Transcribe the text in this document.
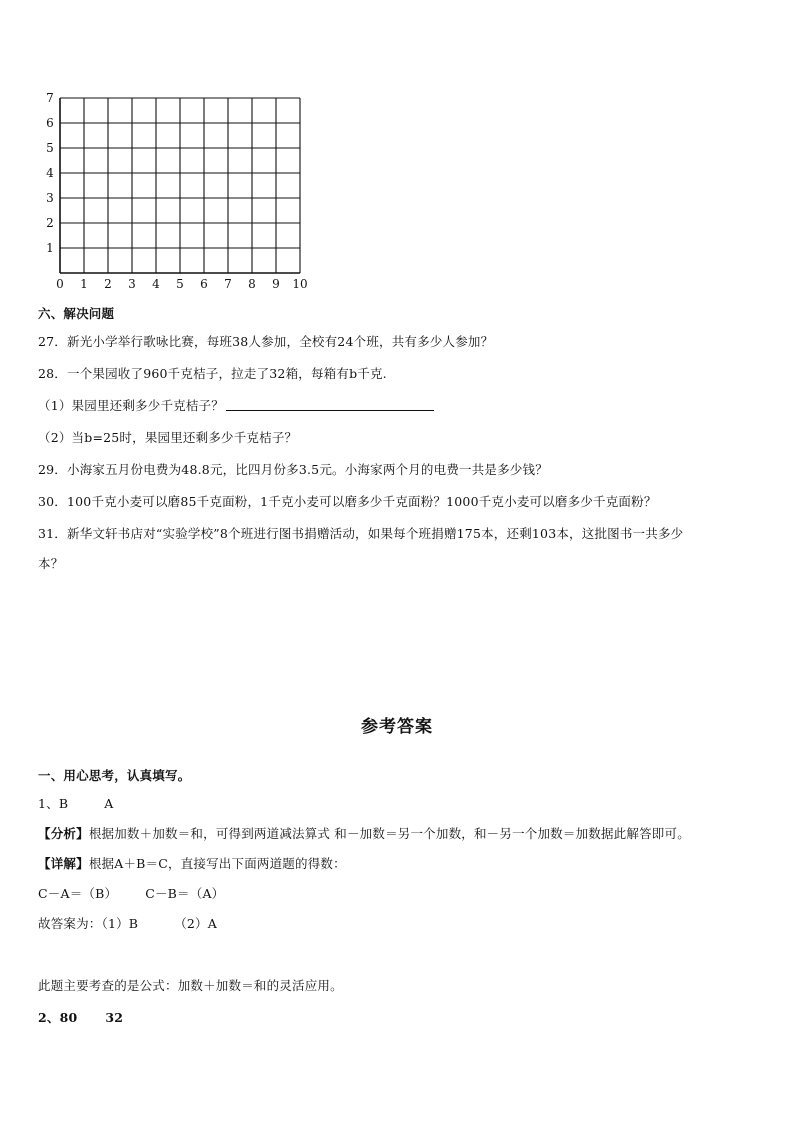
0 1 2 3 4 5 6 7 8 9 10
1
2
3
4
5
6
7
六、解决问题
27．新光小学举行歌咏比赛，每班38人参加，全校有24个班，共有多少人参加？
28．一个果园收了960千克桔子，拉走了32箱，每箱有b千克.
（1）果园里还剩多少千克桔子？
（2）当b=25时，果园里还剩多少千克桔子？
29．小海家五月份电费为48.8元，比四月份多3.5元。小海家两个月的电费一共是多少钱？
30．100千克小麦可以磨85千克面粉，1千克小麦可以磨多少千克面粉？1000千克小麦可以磨多少千克面粉？
31．新华文轩书店对“实验学校”8个班进行图书捐赠活动，如果每个班捐赠175本，还剩103本，这批图书一共多少
本？
参考答案
一、用心思考，认真填写。
1、B	A
【分析】根据加数＋加数＝和，可得到两道减法算式 和－加数＝另一个加数，和－另一个加数＝加数据此解答即可。
【详解】根据A＋B＝C，直接写出下面两道题的得数：
C－A＝（B） C－B＝（A）
故答案为：（1）B	（2）A
此题主要考查的是公式：加数＋加数＝和的灵活应用。
2、80 32
